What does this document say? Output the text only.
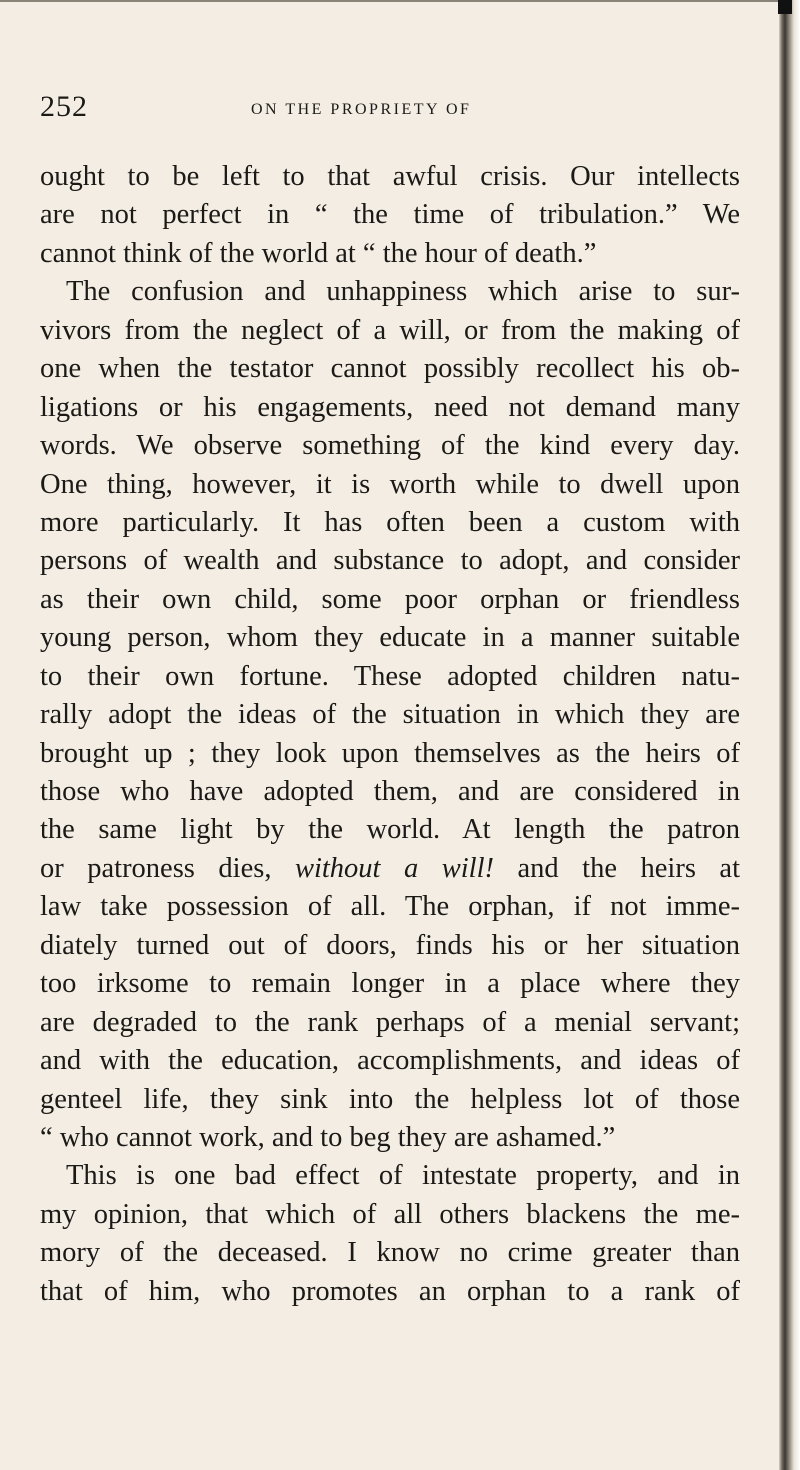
252	ON THE PROPRIETY OF
ought to be left to that awful crisis. Our intellects
are not perfect in “ the time of tribulation.” We
cannot think of the world at “ the hour of death.”
The confusion and unhappiness which arise to sur-
vivors from the neglect of a will, or from the making of
one when the testator cannot possibly recollect his ob-
ligations or his engagements, need not demand many
words. We observe something of the kind every day.
One thing, however, it is worth while to dwell upon
more particularly. It has often been a custom with
persons of wealth and substance to adopt, and consider
as their own child, some poor orphan or friendless
young person, whom they educate in a manner suitable
to their own fortune. These adopted children natu-
rally adopt the ideas of the situation in which they are
brought up ; they look upon themselves as the heirs of
those who have adopted them, and are considered in
the same light by the world. At length the patron
or patroness dies, without a will! and the heirs at
law take possession of all. The orphan, if not imme-
diately turned out of doors, finds his or her situation
too irksome to remain longer in a place where they
are degraded to the rank perhaps of a menial servant;
and with the education, accomplishments, and ideas of
genteel life, they sink into the helpless lot of those
“ who cannot work, and to beg they are ashamed.”
This is one bad effect of intestate property, and in
my opinion, that which of all others blackens the me-
mory of the deceased. I know no crime greater than
that of him, who promotes an orphan to a rank of
